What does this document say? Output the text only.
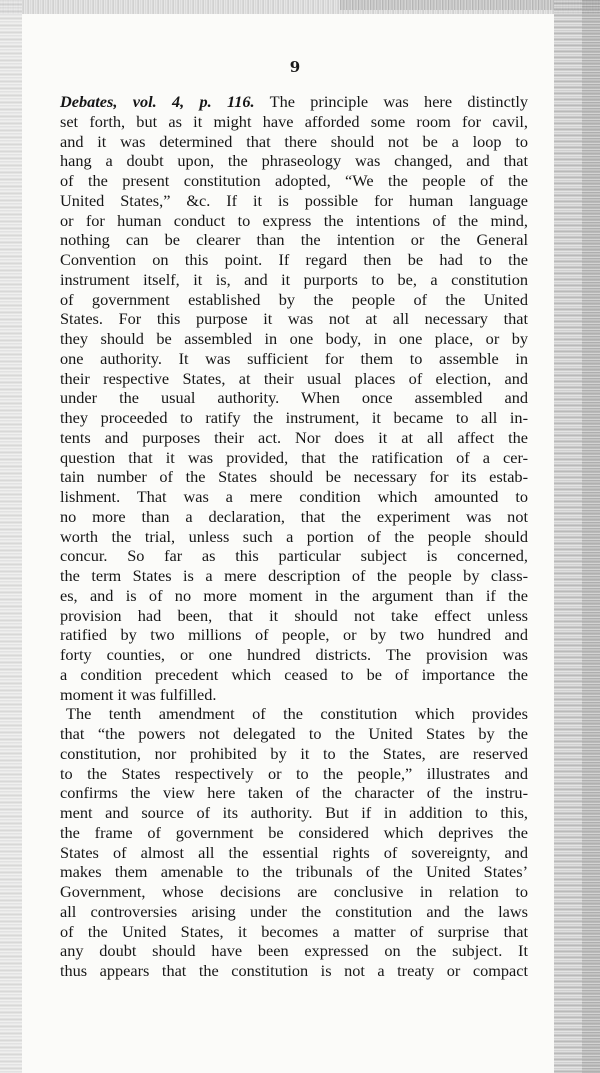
9

Debates, vol. 4, p. 116. The principle was here distinctly
set forth, but as it might have afforded some room for cavil,
and it was determined that there should not be a loop to
hang a doubt upon, the phraseology was changed, and that
of the present constitution adopted, “We the people of the
United States,” &c. If it is possible for human language
or for human conduct to express the intentions of the mind,
nothing can be clearer than the intention or the General
Convention on this point. If regard then be had to the
instrument itself, it is, and it purports to be, a constitution
of government established by the people of the United
States. For this purpose it was not at all necessary that
they should be assembled in one body, in one place, or by
one authority. It was sufficient for them to assemble in
their respective States, at their usual places of election, and
under the usual authority. When once assembled and
they proceeded to ratify the instrument, it became to all in-
tents and purposes their act. Nor does it at all affect the
question that it was provided, that the ratification of a cer-
tain number of the States should be necessary for its estab-
lishment. That was a mere condition which amounted to
no more than a declaration, that the experiment was not
worth the trial, unless such a portion of the people should
concur. So far as this particular subject is concerned,
the term States is a mere description of the people by class-
es, and is of no more moment in the argument than if the
provision had been, that it should not take effect unless
ratified by two millions of people, or by two hundred and
forty counties, or one hundred districts. The provision was
a condition precedent which ceased to be of importance the
moment it was fulfilled.

The tenth amendment of the constitution which provides
that “the powers not delegated to the United States by the
constitution, nor prohibited by it to the States, are reserved
to the States respectively or to the people,” illustrates and
confirms the view here taken of the character of the instru-
ment and source of its authority. But if in addition to this,
the frame of government be considered which deprives the
States of almost all the essential rights of sovereignty, and
makes them amenable to the tribunals of the United States’
Government, whose decisions are conclusive in relation to
all controversies arising under the constitution and the laws
of the United States, it becomes a matter of surprise that
any doubt should have been expressed on the subject. It
thus appears that the constitution is not a treaty or compact
